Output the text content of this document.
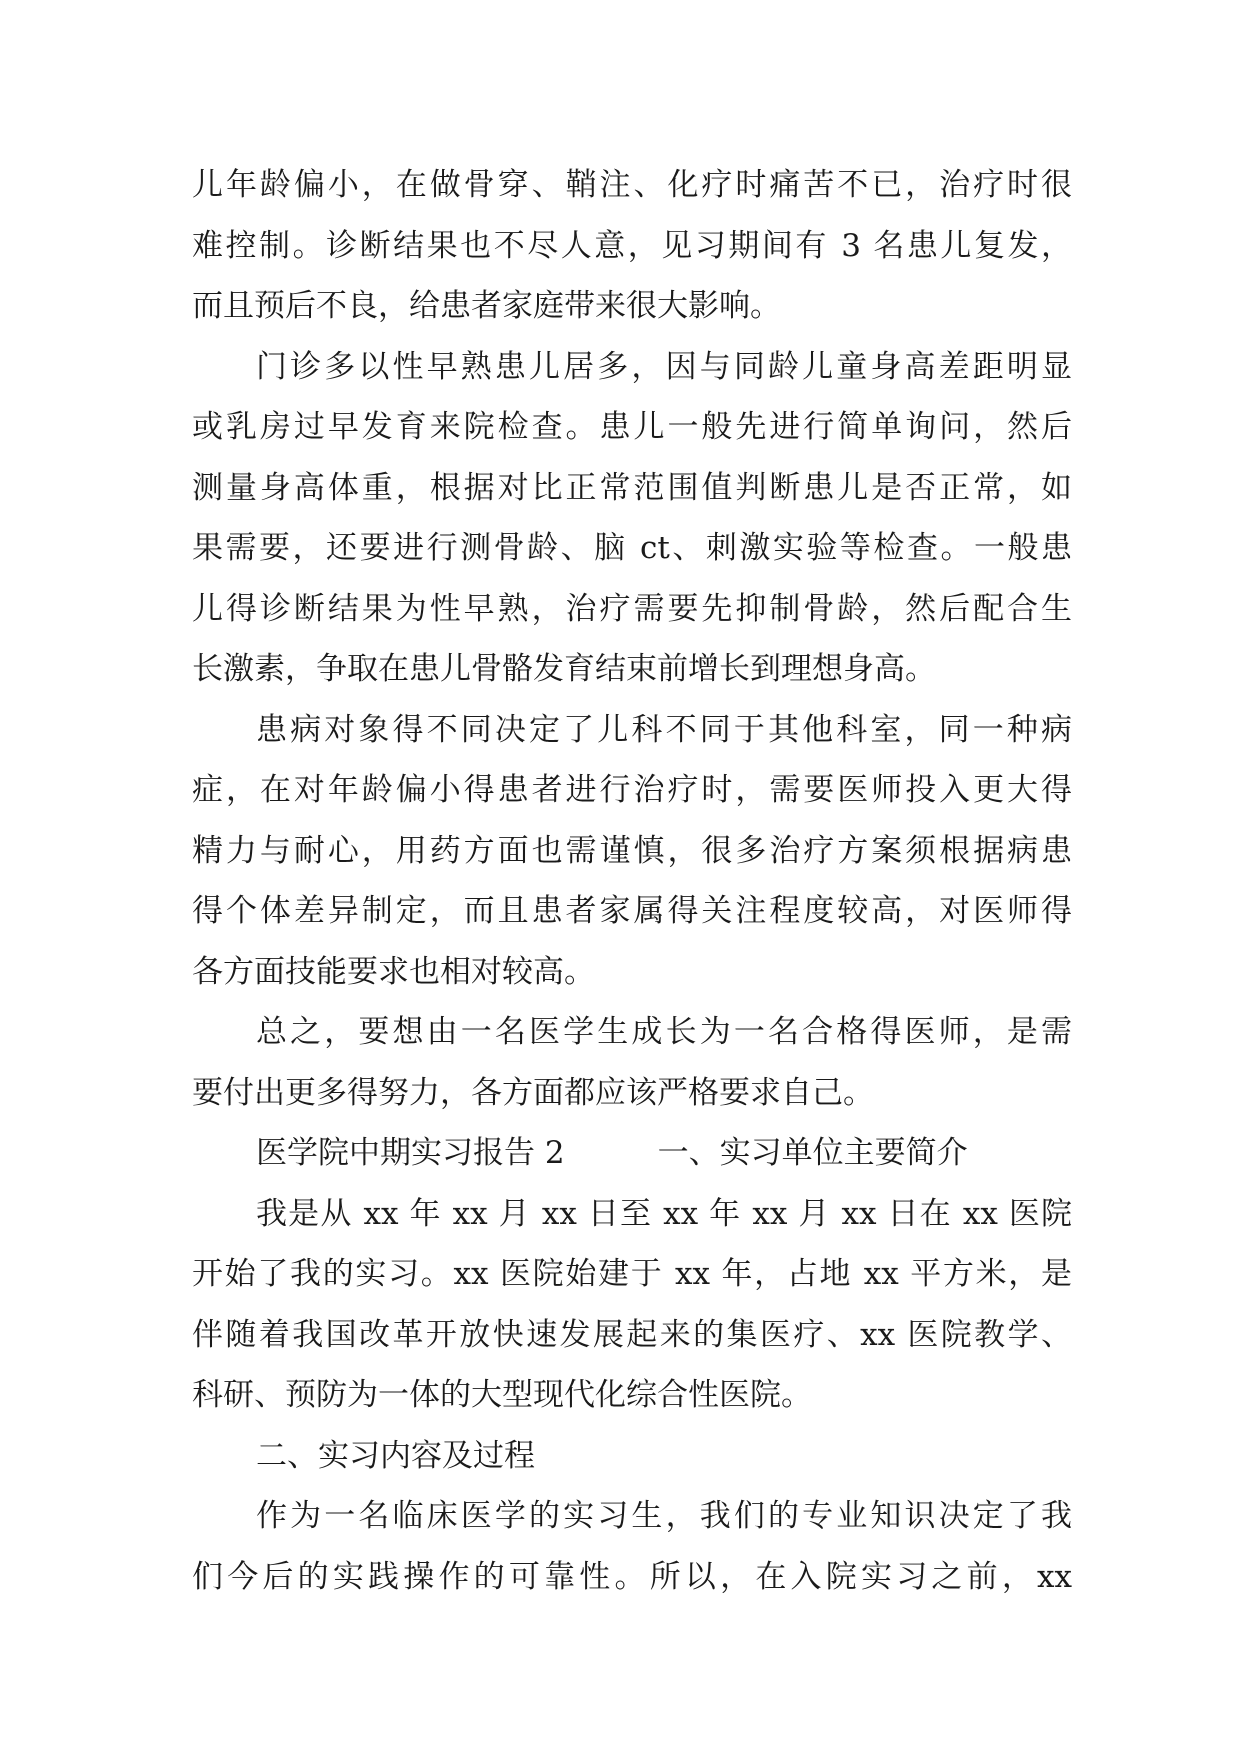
儿年龄偏小，在做骨穿、鞘注、化疗时痛苦不已，治疗时很
难控制。诊断结果也不尽人意，见习期间有 3 名患儿复发，
而且预后不良，给患者家庭带来很大影响。
门诊多以性早熟患儿居多，因与同龄儿童身高差距明显
或乳房过早发育来院检查。患儿一般先进行简单询问，然后
测量身高体重，根据对比正常范围值判断患儿是否正常，如
果需要，还要进行测骨龄、脑 ct、刺激实验等检查。一般患
儿得诊断结果为性早熟，治疗需要先抑制骨龄，然后配合生
长激素，争取在患儿骨骼发育结束前增长到理想身高。
患病对象得不同决定了儿科不同于其他科室，同一种病
症，在对年龄偏小得患者进行治疗时，需要医师投入更大得
精力与耐心，用药方面也需谨慎，很多治疗方案须根据病患
得个体差异制定，而且患者家属得关注程度较高，对医师得
各方面技能要求也相对较高。
总之，要想由一名医学生成长为一名合格得医师，是需
要付出更多得努力，各方面都应该严格要求自己。
医学院中期实习报告 2　　　一、实习单位主要简介
我是从 xx 年 xx 月 xx 日至 xx 年 xx 月 xx 日在 xx 医院
开始了我的实习。xx 医院始建于 xx 年，占地 xx 平方米，是
伴随着我国改革开放快速发展起来的集医疗、xx 医院教学、
科研、预防为一体的大型现代化综合性医院。
二、实习内容及过程
作为一名临床医学的实习生，我们的专业知识决定了我
们今后的实践操作的可靠性。所以，在入院实习之前，xx
